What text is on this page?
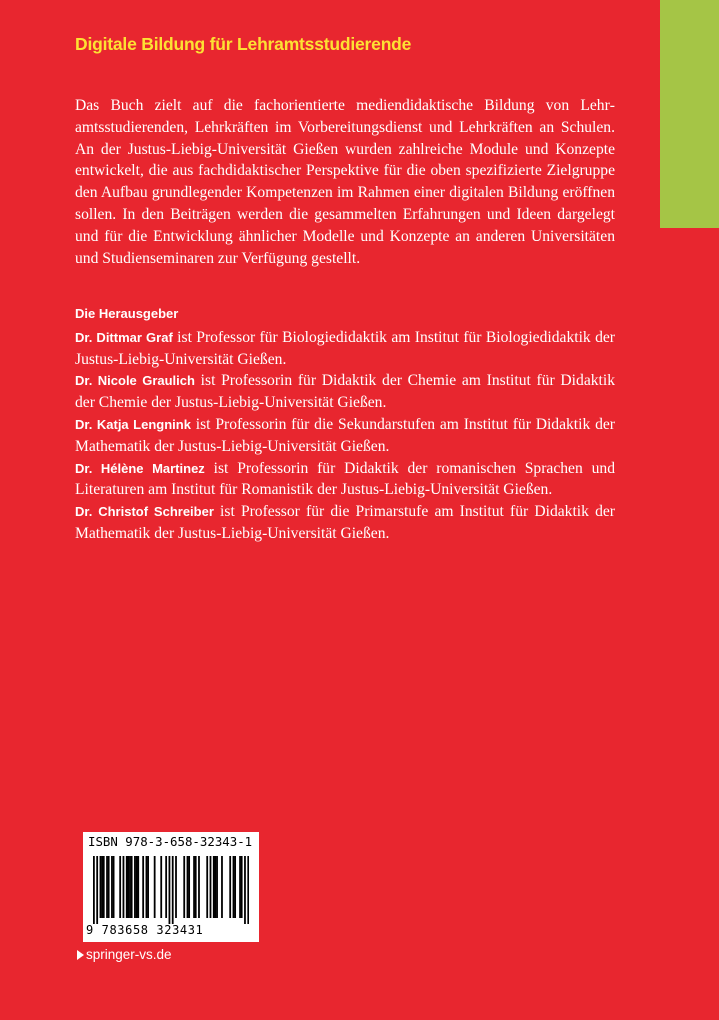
Digitale Bildung für Lehramtsstudierende
Das Buch zielt auf die fachorientierte mediendidaktische Bildung von Lehramtsstudierenden, Lehrkräften im Vorbereitungsdienst und Lehrkräften an Schulen. An der Justus-Liebig-Universität Gießen wurden zahlreiche Module und Konzepte entwickelt, die aus fachdidaktischer Perspektive für die oben spezifizierte Zielgruppe den Aufbau grundlegender Kompetenzen im Rahmen einer digitalen Bildung eröffnen sollen. In den Beiträgen werden die gesammelten Erfahrungen und Ideen dargelegt und für die Entwicklung ähnlicher Modelle und Konzepte an anderen Universitäten und Studienseminaren zur Verfügung gestellt.
Die Herausgeber
Dr. Dittmar Graf ist Professor für Biologiedidaktik am Institut für Biologiedidaktik der Justus-Liebig-Universität Gießen.
Dr. Nicole Graulich ist Professorin für Didaktik der Chemie am Institut für Didaktik der Chemie der Justus-Liebig-Universität Gießen.
Dr. Katja Lengnink ist Professorin für die Sekundarstufen am Institut für Didaktik der Mathematik der Justus-Liebig-Universität Gießen.
Dr. Hélène Martinez ist Professorin für Didaktik der romanischen Sprachen und Literaturen am Institut für Romanistik der Justus-Liebig-Universität Gießen.
Dr. Christof Schreiber ist Professor für die Primarstufe am Institut für Didaktik der Mathematik der Justus-Liebig-Universität Gießen.
ISBN 978-3-658-32343-1
9 783658 323431
springer-vs.de
